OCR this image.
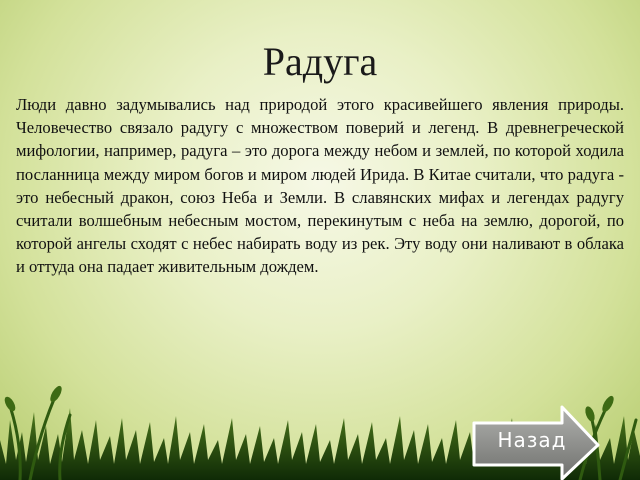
Радуга
Люди давно задумывались над природой этого красивейшего явления природы. Человечество связало радугу с множеством поверий и легенд. В древнегреческой мифологии, например, радуга – это дорога между небом и землей, по которой ходила посланница между миром богов и миром людей Ирида. В Китае считали, что радуга - это небесный дракон, союз Неба и Земли. В славянских мифах и легендах радугу считали волшебным небесным мостом, перекинутым с неба на землю, дорогой, по которой ангелы сходят с небес набирать воду из рек. Эту воду они наливают в облака и оттуда она падает живительным дождем.
Назад
